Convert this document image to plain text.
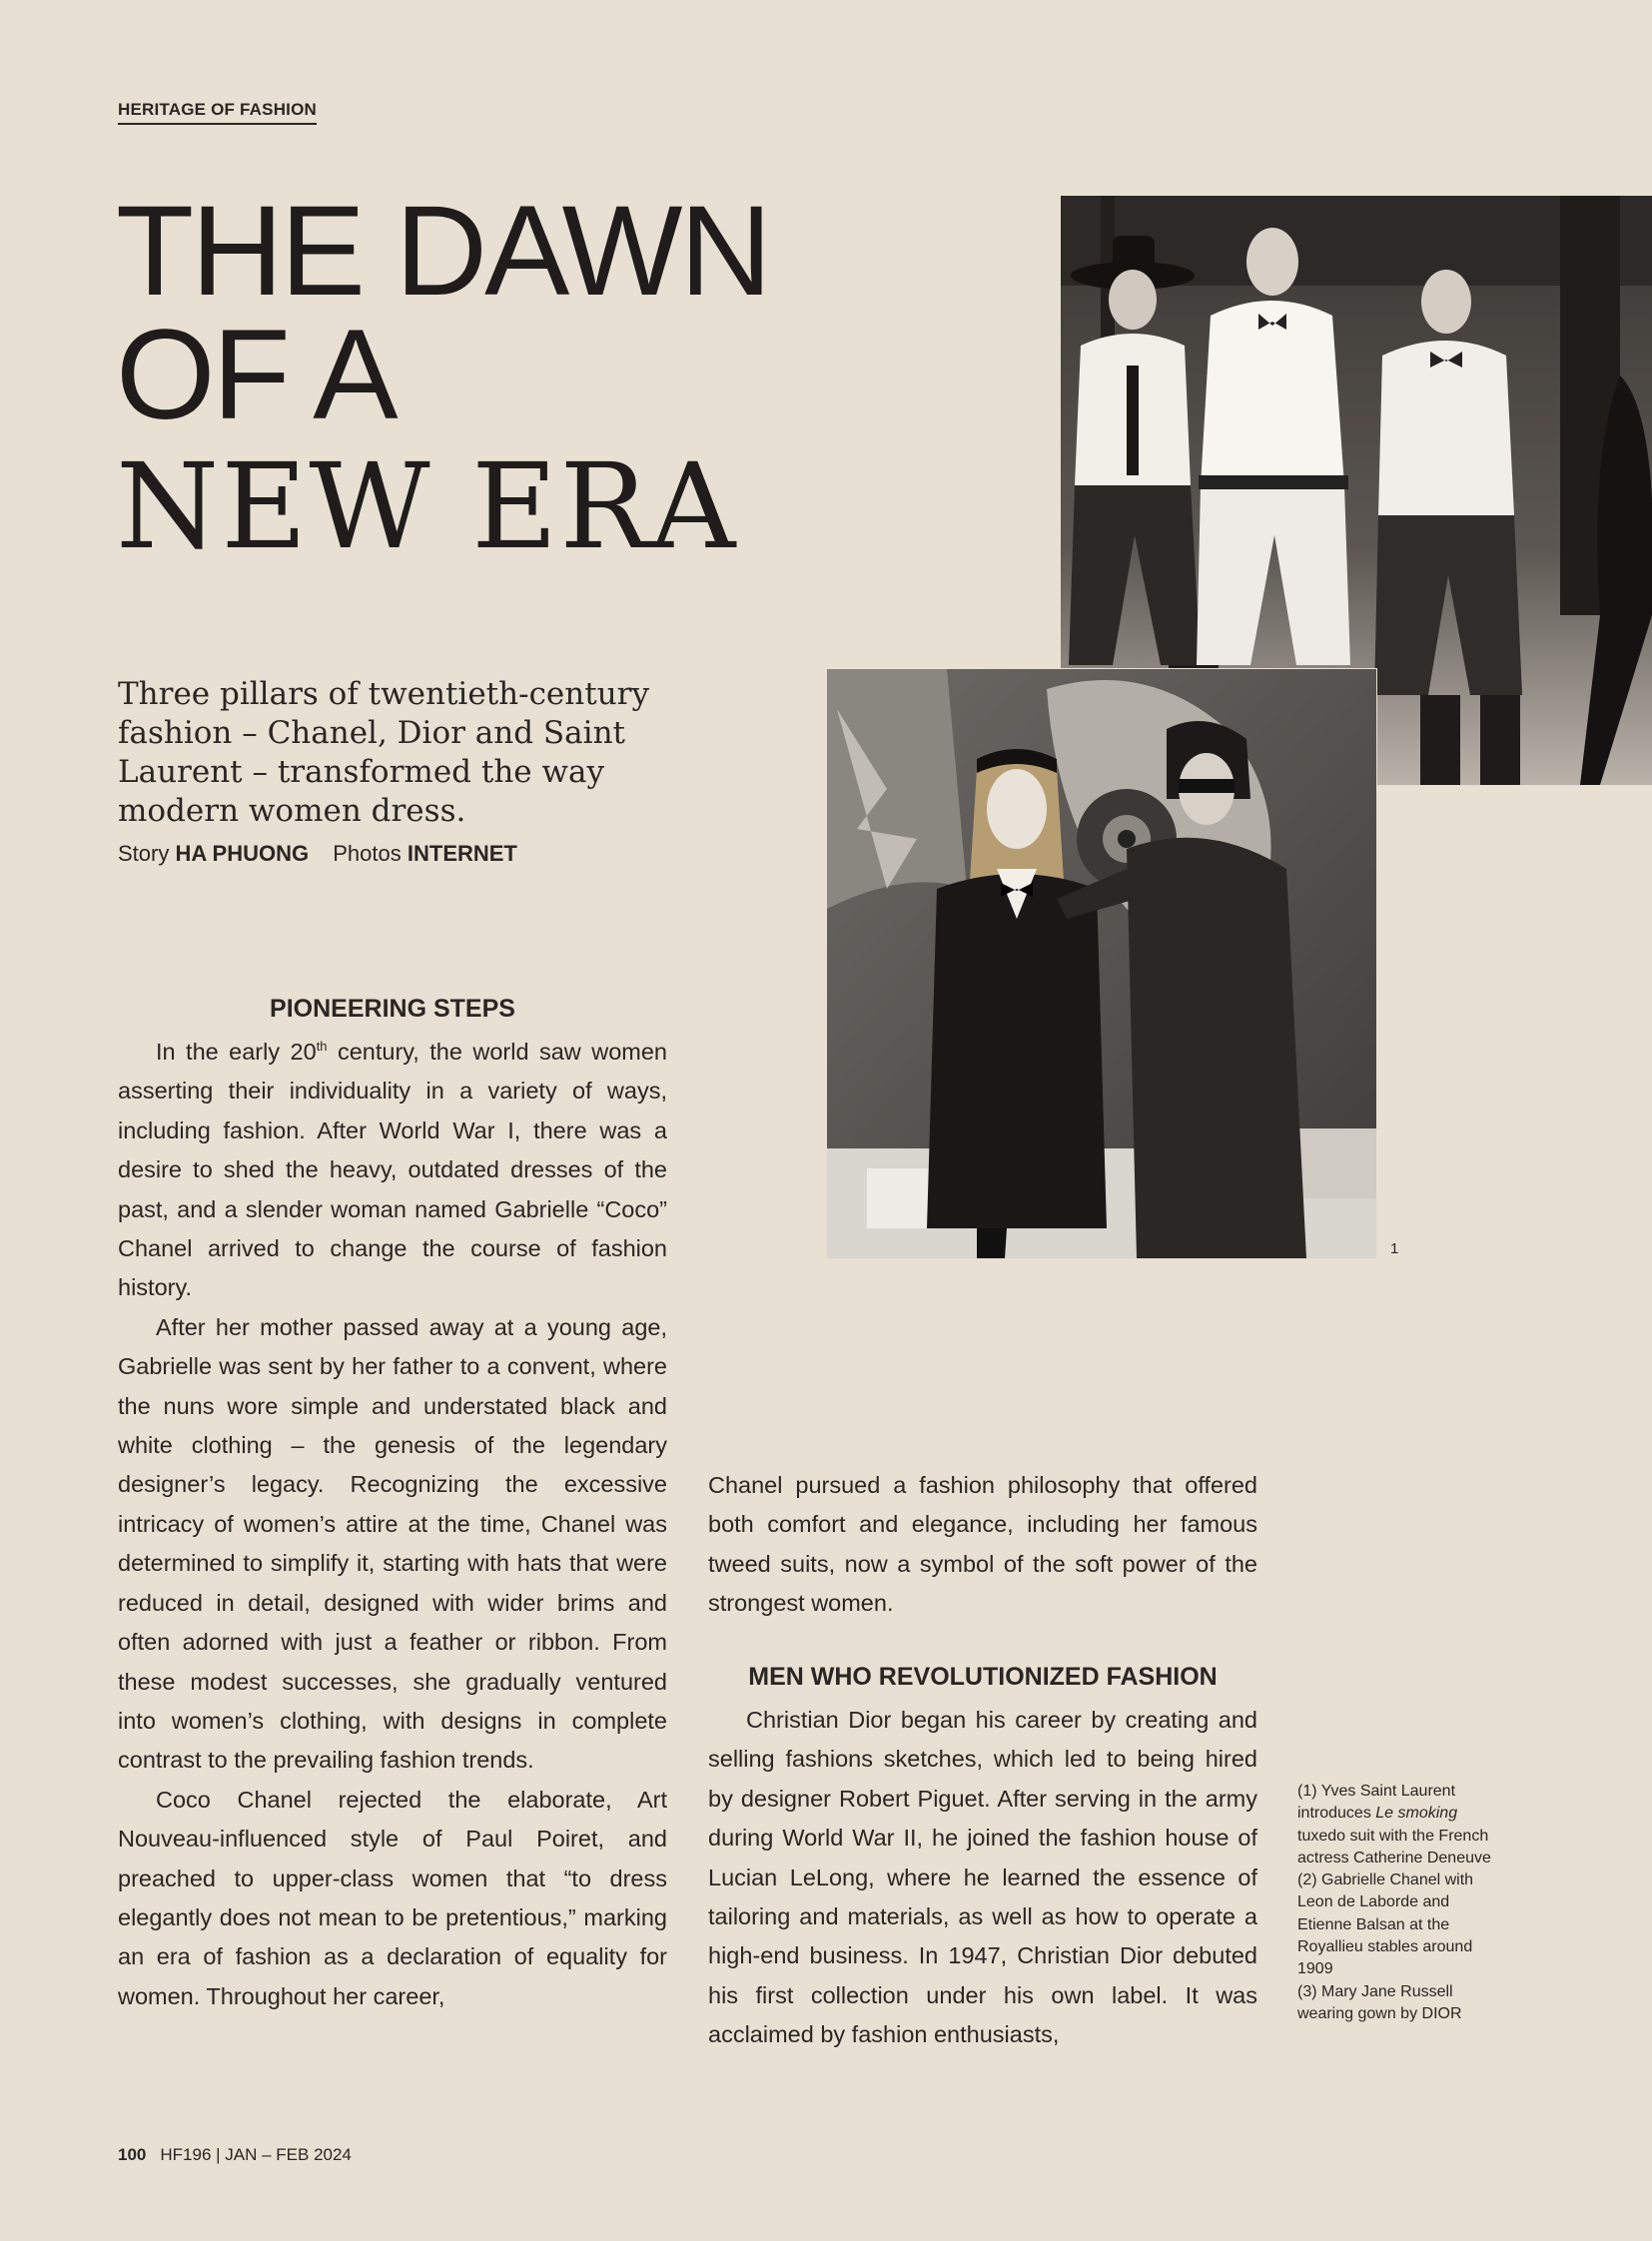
HERITAGE OF FASHION
THE DAWN
OF A
NEW ERA
Three pillars of twentieth-century fashion – Chanel, Dior and Saint Laurent – transformed the way modern women dress.
Story HA PHUONG Photos INTERNET
1
PIONEERING STEPS

In the early 20th century, the world saw women asserting their individuality in a variety of ways, including fashion. After World War I, there was a desire to shed the heavy, outdated dresses of the past, and a slender woman named Gabrielle “Coco” Chanel arrived to change the course of fashion history.

After her mother passed away at a young age, Gabrielle was sent by her father to a convent, where the nuns wore simple and understated black and white clothing – the genesis of the legendary designer’s legacy. Recognizing the excessive intricacy of women’s attire at the time, Chanel was determined to simplify it, starting with hats that were reduced in detail, designed with wider brims and often adorned with just a feather or ribbon. From these modest successes, she gradually ventured into women’s clothing, with designs in complete contrast to the prevailing fashion trends.

Coco Chanel rejected the elaborate, Art Nouveau-influenced style of Paul Poiret, and preached to upper-class women that “to dress elegantly does not mean to be pretentious,” marking an era of fashion as a declaration of equality for women. Throughout her career,

Chanel pursued a fashion philosophy that offered both comfort and elegance, including her famous tweed suits, now a symbol of the soft power of the strongest women.

MEN WHO REVOLUTIONIZED FASHION

Christian Dior began his career by creating and selling fashions sketches, which led to being hired by designer Robert Piguet. After serving in the army during World War II, he joined the fashion house of Lucian LeLong, where he learned the essence of tailoring and materials, as well as how to operate a high-end business. In 1947, Christian Dior debuted his first collection under his own label. It was acclaimed by fashion enthusiasts,

(1) Yves Saint Laurent introduces Le smoking tuxedo suit with the French actress Catherine Deneuve
(2) Gabrielle Chanel with Leon de Laborde and Etienne Balsan at the Royallieu stables around 1909
(3) Mary Jane Russell wearing gown by DIOR
100 HF196 | JAN – FEB 2024
